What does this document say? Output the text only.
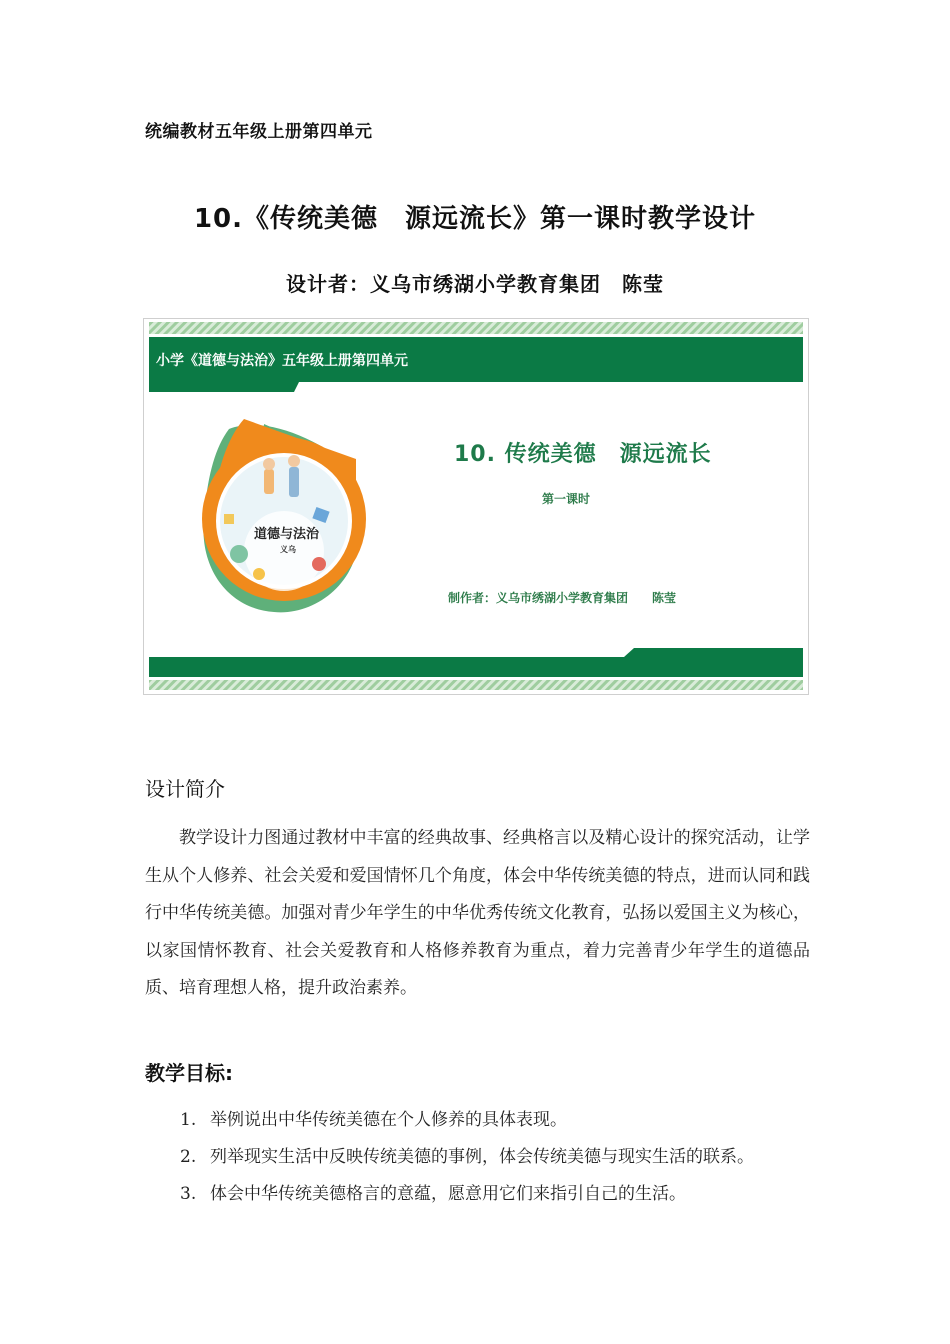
统编教材五年级上册第四单元
10.《传统美德　源远流长》第一课时教学设计
设计者：义乌市绣湖小学教育集团　陈莹
小学《道德与法治》五年级上册第四单元
10. 传统美德　源远流长
第一课时
制作者：义乌市绣湖小学教育集团　　陈莹
道德与法治
义乌
设计简介
教学设计力图通过教材中丰富的经典故事、经典格言以及精心设计的探究活动，让学生从个人修养、社会关爱和爱国情怀几个角度，体会中华传统美德的特点，进而认同和践行中华传统美德。加强对青少年学生的中华优秀传统文化教育，弘扬以爱国主义为核心，以家国情怀教育、社会关爱教育和人格修养教育为重点，着力完善青少年学生的道德品质、培育理想人格，提升政治素养。
教学目标:
1. 举例说出中华传统美德在个人修养的具体表现。
2. 列举现实生活中反映传统美德的事例，体会传统美德与现实生活的联系。
3. 体会中华传统美德格言的意蕴，愿意用它们来指引自己的生活。
